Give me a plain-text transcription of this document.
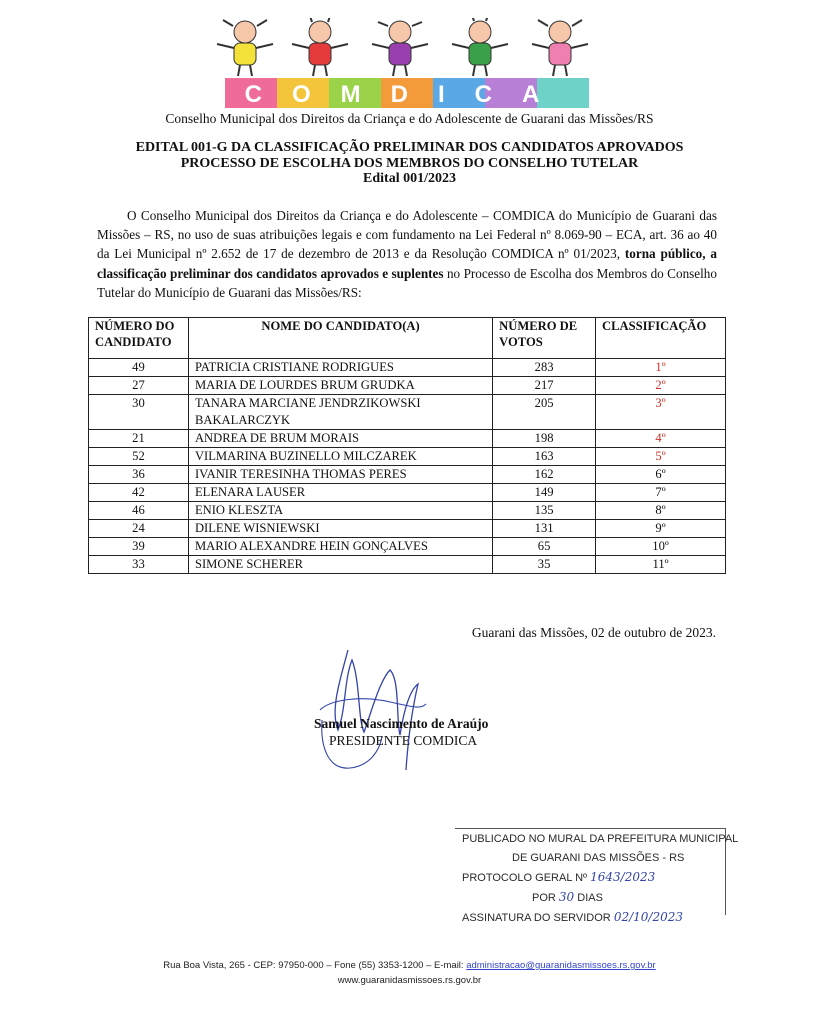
COMDICA
Conselho Municipal dos Direitos da Criança e do Adolescente de Guarani das Missões/RS
EDITAL 001-G DA CLASSIFICAÇÃO PRELIMINAR DOS CANDIDATOS APROVADOS
PROCESSO DE ESCOLHA DOS MEMBROS DO CONSELHO TUTELAR
Edital 001/2023
O Conselho Municipal dos Direitos da Criança e do Adolescente – COMDICA do Município de Guarani das Missões – RS, no uso de suas atribuições legais e com fundamento na Lei Federal nº 8.069-90 – ECA, art. 36 ao 40 da Lei Municipal nº 2.652 de 17 de dezembro de 2013 e da Resolução COMDICA nº 01/2023, torna público, a classificação preliminar dos candidatos aprovados e suplentes no Processo de Escolha dos Membros do Conselho Tutelar do Município de Guarani das Missões/RS:
NÚMERO DO CANDIDATO	NOME DO CANDIDATO(A)	NÚMERO DE VOTOS	CLASSIFICAÇÃO
49	PATRICIA CRISTIANE RODRIGUES	283	1º
27	MARIA DE LOURDES BRUM GRUDKA	217	2º
30	TANARA MARCIANE JENDRZIKOWSKI BAKALARCZYK	205	3º
21	ANDREA DE BRUM MORAIS	198	4º
52	VILMARINA BUZINELLO MILCZAREK	163	5º
36	IVANIR TERESINHA THOMAS PERES	162	6º
42	ELENARA LAUSER	149	7º
46	ENIO KLESZTA	135	8º
24	DILENE WISNIEWSKI	131	9º
39	MARIO ALEXANDRE HEIN GONÇALVES	65	10º
33	SIMONE SCHERER	35	11º
Guarani das Missões, 02 de outubro de 2023.
Samuel Nascimento de Araújo
PRESIDENTE COMDICA
PUBLICADO NO MURAL DA PREFEITURA MUNICIPAL
DE GUARANI DAS MISSÕES - RS
PROTOCOLO GERAL Nº 1643/2023
POR 30 DIAS
ASSINATURA DO SERVIDOR 02/10/2023
Rua Boa Vista, 265 - CEP: 97950-000 – Fone (55) 3353-1200 – E-mail: administracao@guaranidasmissoes.rs.gov.br
www.guaranidasmissoes.rs.gov.br
